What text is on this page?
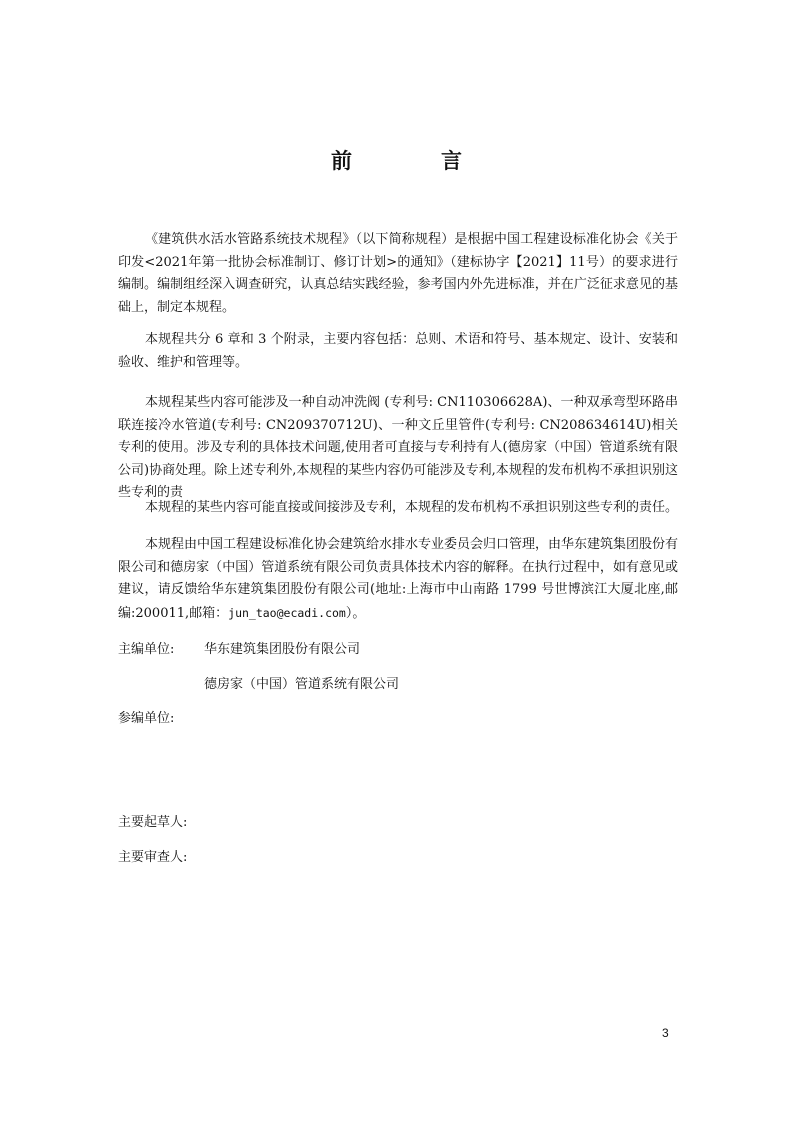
前　言

《建筑供水活水管路系统技术规程》（以下简称规程）是根据中国工程建设标准化协会《关于印发<2021年第一批协会标准制订、修订计划>的通知》（建标协字【2021】11号）的要求进行编制。编制组经深入调查研究，认真总结实践经验，参考国内外先进标准，并在广泛征求意见的基础上，制定本规程。

本规程共分 6 章和 3 个附录，主要内容包括：总则、术语和符号、基本规定、设计、安装和验收、维护和管理等。

本规程某些内容可能涉及一种自动冲洗阀 (专利号: CN110306628A)、一种双承弯型环路串联连接冷水管道(专利号: CN209370712U)、一种文丘里管件(专利号: CN208634614U)相关专利的使用。涉及专利的具体技术问题,使用者可直接与专利持有人(德房家（中国）管道系统有限公司)协商处理。除上述专利外,本规程的某些内容仍可能涉及专利,本规程的发布机构不承担识别这些专利的责

本规程的某些内容可能直接或间接涉及专利，本规程的发布机构不承担识别这些专利的责任。

本规程由中国工程建设标准化协会建筑给水排水专业委员会归口管理，由华东建筑集团股份有限公司和德房家（中国）管道系统有限公司负责具体技术内容的解释。在执行过程中，如有意见或建议，请反馈给华东建筑集团股份有限公司(地址:上海市中山南路 1799 号世博滨江大厦北座,邮编:200011,邮箱：jun_tao@ecadi.com）。

主编单位: 华东建筑集团股份有限公司
德房家（中国）管道系统有限公司
参编单位:
主要起草人:
主要审查人:
3
